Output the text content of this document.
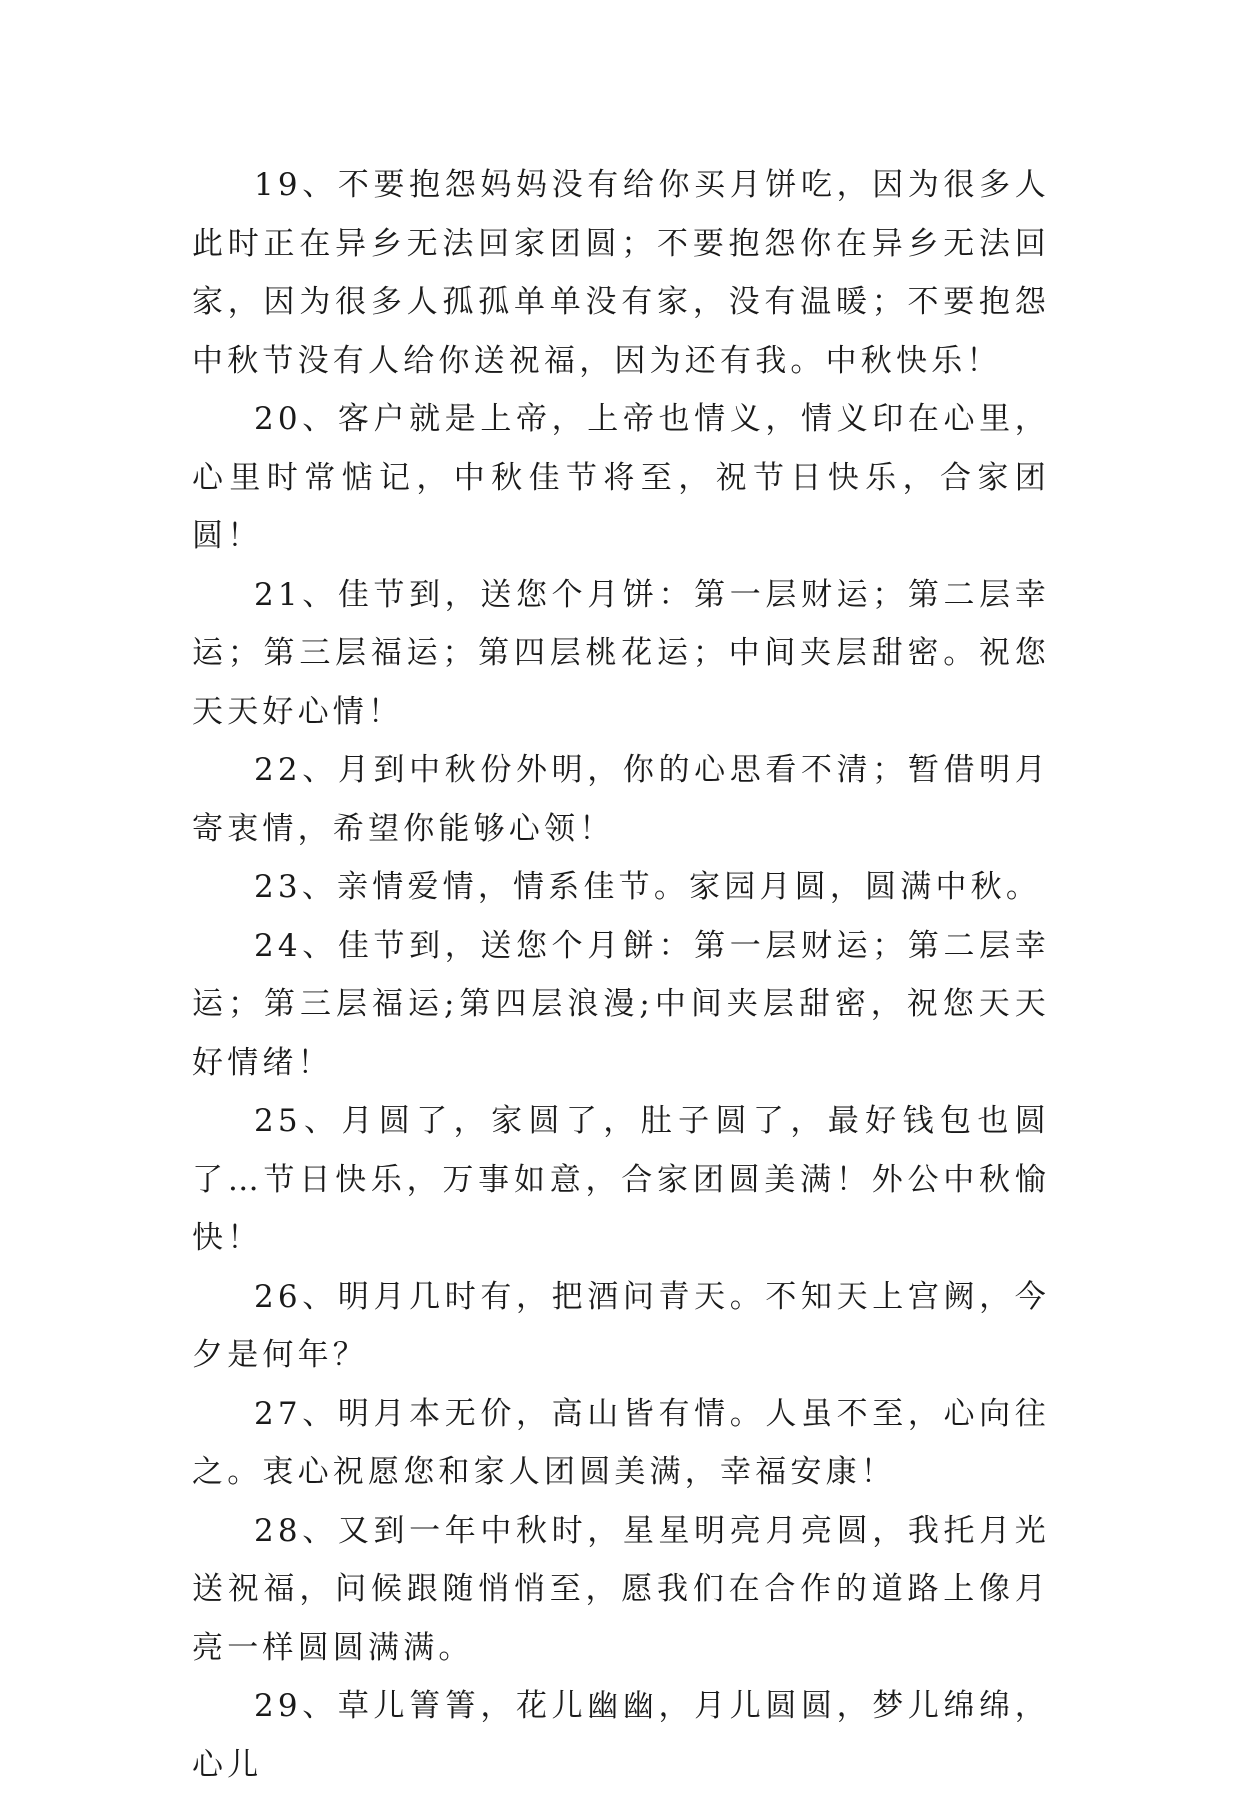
19、不要抱怨妈妈没有给你买月饼吃，因为很多人此时正在异乡无法回家团圆；不要抱怨你在异乡无法回家，因为很多人孤孤单单没有家，没有温暖；不要抱怨中秋节没有人给你送祝福，因为还有我。中秋快乐！

20、客户就是上帝，上帝也情义，情义印在心里，心里时常惦记，中秋佳节将至，祝节日快乐，合家团圆！

21、佳节到，送您个月饼：第一层财运；第二层幸运；第三层福运；第四层桃花运；中间夹层甜密。祝您天天好心情！

22、月到中秋份外明，你的心思看不清；暂借明月寄衷情，希望你能够心领！

23、亲情爱情，情系佳节。家园月圆，圆满中秋。

24、佳节到，送您个月餅：第一层财运；第二层幸运；第三层福运;第四层浪漫;中间夹层甜密，祝您天天好情绪！

25、月圆了，家圆了，肚子圆了，最好钱包也圆了…节日快乐，万事如意，合家团圆美满！外公中秋愉快！

26、明月几时有，把酒问青天。不知天上宫阙，今夕是何年？

27、明月本无价，高山皆有情。人虽不至，心向往之。衷心祝愿您和家人团圆美满，幸福安康！

28、又到一年中秋时，星星明亮月亮圆，我托月光送祝福，问候跟随悄悄至，愿我们在合作的道路上像月亮一样圆圆满满。

29、草儿箐箐，花儿幽幽，月儿圆圆，梦儿绵绵，心儿
